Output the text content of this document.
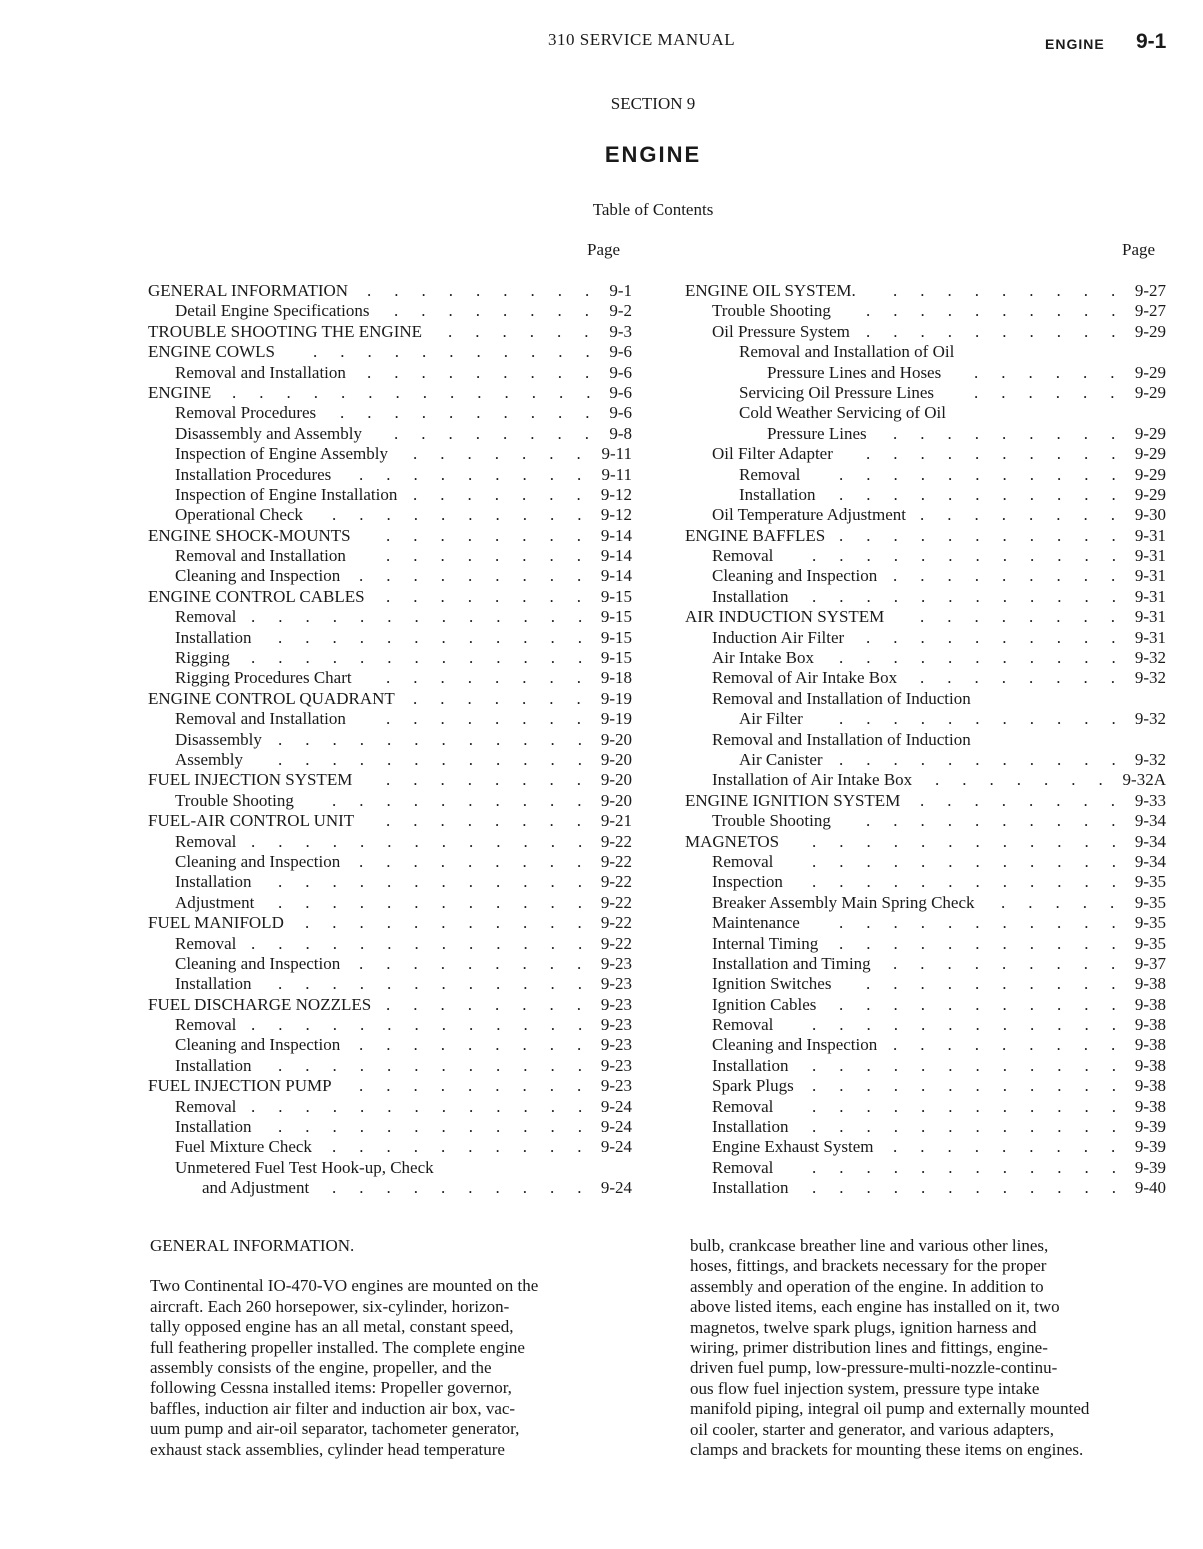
310 SERVICE MANUAL	ENGINE 9-1
SECTION 9
ENGINE
Table of Contents
Page	Page
GENERAL INFORMATION	9-1
.........
Detail Engine Specifications	9-2
........
TROUBLE SHOOTING THE ENGINE	9-3
......
ENGINE COWLS	9-6
...........
Removal and Installation	9-6
.........
ENGINE	9-6
..............
Removal Procedures	9-6
..........
Disassembly and Assembly	9-8
........
Inspection of Engine Assembly	9-11
.......
Installation Procedures	9-11
.........
Inspection of Engine Installation	9-12
.......
Operational Check	9-12
..........
ENGINE SHOCK-MOUNTS	9-14
........
Removal and Installation	9-14
........
Cleaning and Inspection	9-14
.........
ENGINE CONTROL CABLES	9-15
........
Removal	9-15
.............
Installation	9-15
............
Rigging	9-15
.............
Rigging Procedures Chart	9-18
........
ENGINE CONTROL QUADRANT	9-19
.......
Removal and Installation	9-19
........
Disassembly	9-20
............
Assembly	9-20
............
FUEL INJECTION SYSTEM	9-20
........
Trouble Shooting	9-20
..........
FUEL-AIR CONTROL UNIT	9-21
........
Removal	9-22
.............
Cleaning and Inspection	9-22
.........
Installation	9-22
............
Adjustment	9-22
............
FUEL MANIFOLD	9-22
...........
Removal	9-22
.............
Cleaning and Inspection	9-23
.........
Installation	9-23
............
FUEL DISCHARGE NOZZLES	9-23
........
Removal	9-23
.............
Cleaning and Inspection	9-23
.........
Installation	9-23
............
FUEL INJECTION PUMP	9-23
.........
Removal	9-24
.............
Installation	9-24
............
Fuel Mixture Check	9-24
..........
Unmetered Fuel Test Hook-up, Check
and Adjustment	9-24
..........
ENGINE OIL SYSTEM.	9-27
.........
Trouble Shooting	9-27
..........
Oil Pressure System	9-29
..........
Removal and Installation of Oil
Pressure Lines and Hoses	9-29
......
Servicing Oil Pressure Lines	9-29
......
Cold Weather Servicing of Oil
Pressure Lines	9-29
.........
Oil Filter Adapter	9-29
..........
Removal	9-29
...........
Installation	9-29
...........
Oil Temperature Adjustment	9-30
........
ENGINE BAFFLES	9-31
...........
Removal	9-31
............
Cleaning and Inspection	9-31
.........
Installation	9-31
............
AIR INDUCTION SYSTEM	9-31
........
Induction Air Filter	9-31
..........
Air Intake Box	9-32
...........
Removal of Air Intake Box	9-32
........
Removal and Installation of Induction
Air Filter	9-32
...........
Removal and Installation of Induction
Air Canister	9-32
...........
Installation of Air Intake Box	9-32A
.......
ENGINE IGNITION SYSTEM	9-33
........
Trouble Shooting	9-34
..........
MAGNETOS	9-34
............
Removal	9-34
............
Inspection	9-35
............
Breaker Assembly Main Spring Check	9-35
.....
Maintenance	9-35
...........
Internal Timing	9-35
...........
Installation and Timing	9-37
.........
Ignition Switches	9-38
..........
Ignition Cables	9-38
...........
Removal	9-38
............
Cleaning and Inspection	9-38
.........
Installation	9-38
............
Spark Plugs	9-38
............
Removal	9-38
............
Installation	9-39
............
Engine Exhaust System	9-39
.........
Removal	9-39
............
Installation	9-40
............

GENERAL INFORMATION.

Two Continental IO-470-VO engines are mounted on the
aircraft. Each 260 horsepower, six-cylinder, horizon-
tally opposed engine has an all metal, constant speed,
full feathering propeller installed. The complete engine
assembly consists of the engine, propeller, and the
following Cessna installed items: Propeller governor,
baffles, induction air filter and induction air box, vac-
uum pump and air-oil separator, tachometer generator,
exhaust stack assemblies, cylinder head temperature
bulb, crankcase breather line and various other lines,
hoses, fittings, and brackets necessary for the proper
assembly and operation of the engine. In addition to
above listed items, each engine has installed on it, two
magnetos, twelve spark plugs, ignition harness and
wiring, primer distribution lines and fittings, engine-
driven fuel pump, low-pressure-multi-nozzle-continu-
ous flow fuel injection system, pressure type intake
manifold piping, integral oil pump and externally mounted
oil cooler, starter and generator, and various adapters,
clamps and brackets for mounting these items on engines.
